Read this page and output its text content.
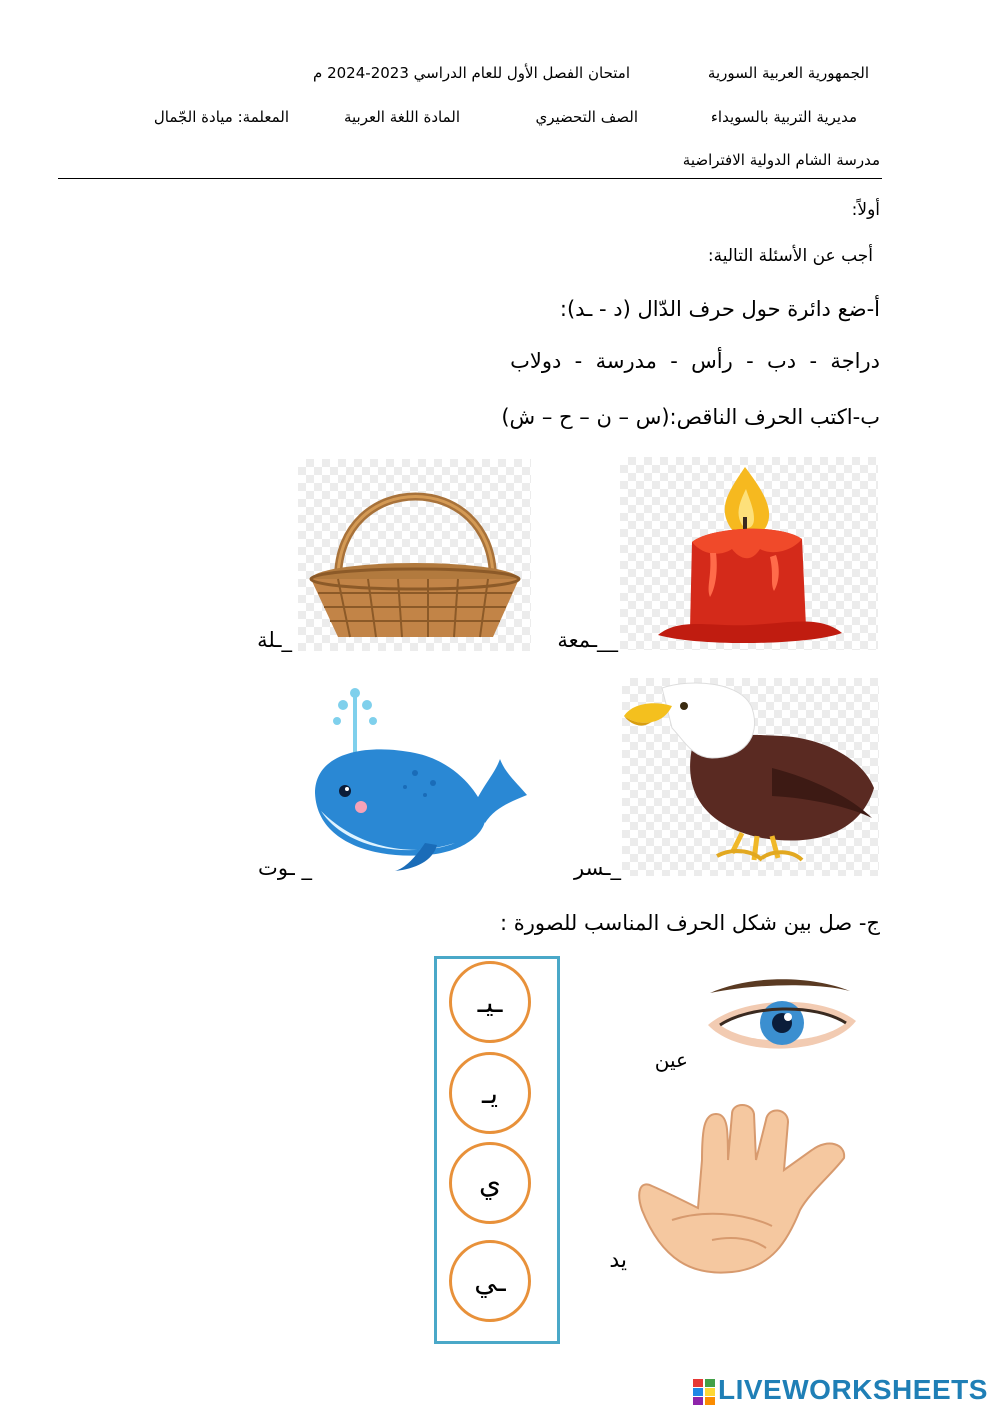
الجمهورية العربية السورية
امتحان الفصل الأول للعام الدراسي 2023-2024 م
مديرية التربية بالسويداء
الصف التحضيري
المادة اللغة العربية
المعلمة: ميادة الجّمال
مدرسة الشام الدولية الافتراضية
أولاً:
أجب عن الأسئلة التالية:
أ-ضع دائرة حول حرف الدّال (د - ـد):
دراجة  -  دب  -  رأس  -  مدرسة  -  دولاب
ب-اكتب الحرف الناقص:(س – ن – ح – ش)
__ـمعة
_ـلة
_ـسر
_ ـوت
ج- صل بين شكل الحرف المناسب للصورة :
ـيـ
يـ
ي
ـي
عين
يد
LIVEWORKSHEETS
